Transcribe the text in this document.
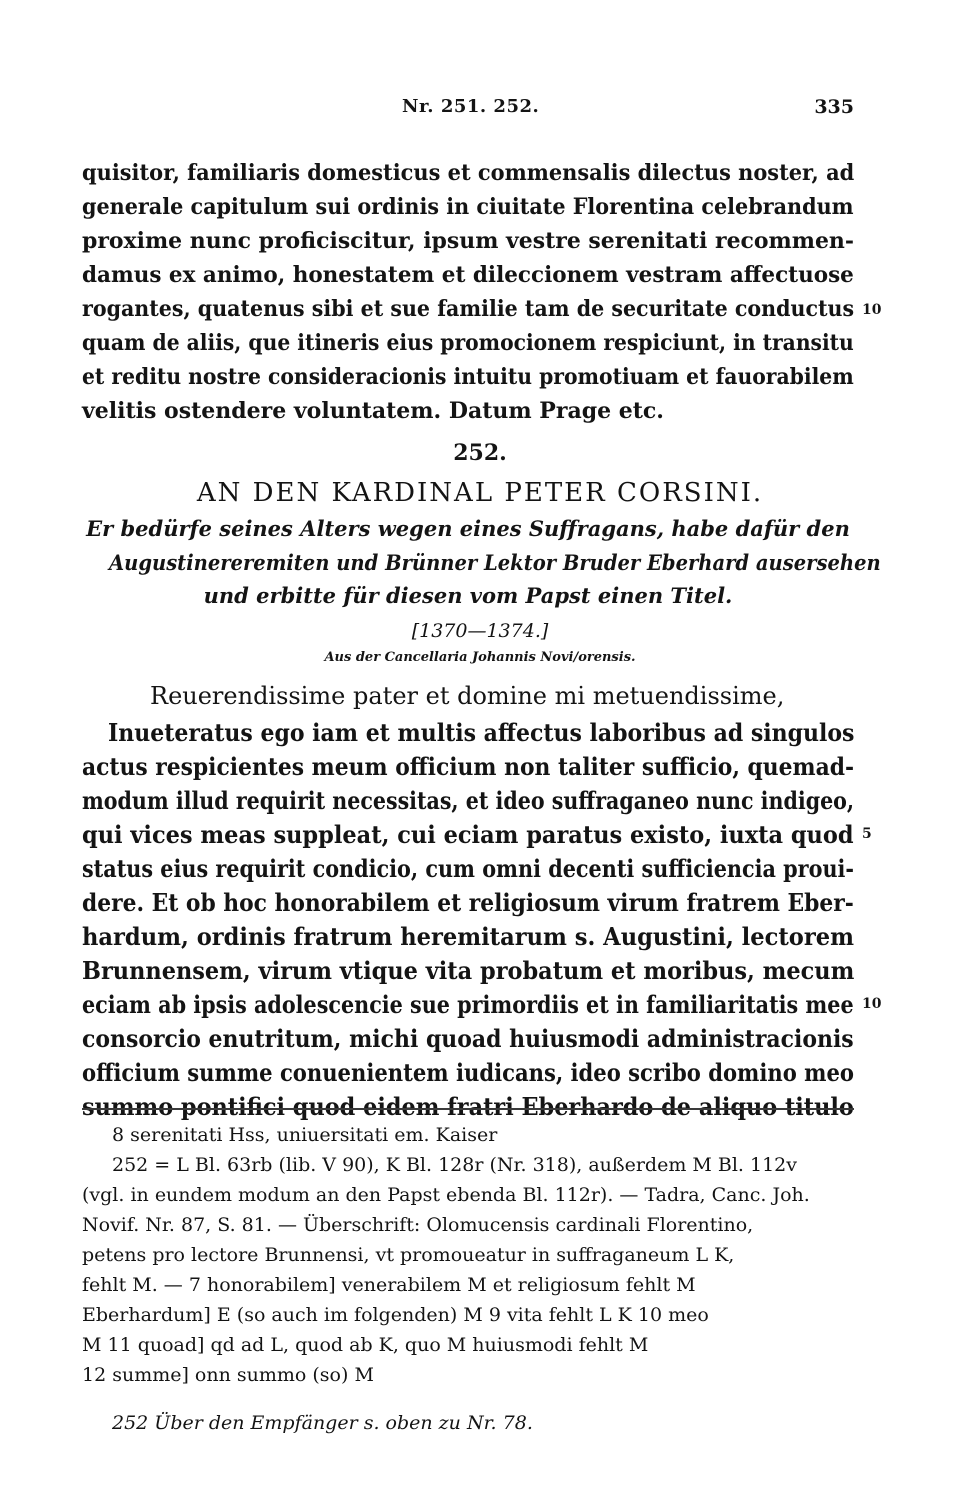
Nr. 251. 252.	335
quisitor, familiaris domesticus et commensalis dilectus noster, ad
generale capitulum sui ordinis in ciuitate Florentina celebrandum
proxime nunc proficiscitur, ipsum vestre serenitati recommen-
damus ex animo, honestatem et dileccionem vestram affectuose
rogantes, quatenus sibi et sue familie tam de securitate conductus
quam de aliis, que itineris eius promocionem respiciunt, in transitu
et reditu nostre consideracionis intuitu promotiuam et fauorabilem
velitis ostendere voluntatem. Datum Prage etc.
10
252.
AN DEN KARDINAL PETER CORSINI.
Er bedürfe seines Alters wegen eines Suffragans, habe dafür den
Augustinereremiten und Brünner Lektor Bruder Eberhard ausersehen
und erbitte für diesen vom Papst einen Titel.
[1370—1374.]
Aus der Cancellaria Johannis Novi/orensis.
Reuerendissime pater et domine mi metuendissime,
Inueteratus ego iam et multis affectus laboribus ad singulos
actus respicientes meum officium non taliter sufficio, quemad-
modum illud requirit necessitas, et ideo suffraganeo nunc indigeo,
qui vices meas suppleat, cui eciam paratus existo, iuxta quod
status eius requirit condicio, cum omni decenti sufficiencia proui-
dere. Et ob hoc honorabilem et religiosum virum fratrem Eber-
hardum, ordinis fratrum heremitarum s. Augustini, lectorem
Brunnensem, virum vtique vita probatum et moribus, mecum
eciam ab ipsis adolescencie sue primordiis et in familiaritatis mee
consorcio enutritum, michi quoad huiusmodi administracionis
officium summe conuenientem iudicans, ideo scribo domino meo
summo pontifici quod eidem fratri Eberhardo de aliquo titulo
5
10
8 serenitati Hss, uniuersitati em. Kaiser
252 = L Bl. 63rb (lib. V 90), K Bl. 128r (Nr. 318), außerdem M Bl. 112v
(vgl. in eundem modum an den Papst ebenda Bl. 112r). — Tadra, Canc. Joh.
Novif. Nr. 87, S. 81. — Überschrift: Olomucensis cardinali Florentino,
petens pro lectore Brunnensi, vt promoueatur in suffraganeum L K,
fehlt M. — 7 honorabilem] venerabilem M et religiosum fehlt M
Eberhardum] E (so auch im folgenden) M 9 vita fehlt L K 10 meo
M 11 quoad] qd ad L, quod ab K, quo M huiusmodi fehlt M
12 summe] onn summo (so) M
252 Über den Empfänger s. oben zu Nr. 78.
